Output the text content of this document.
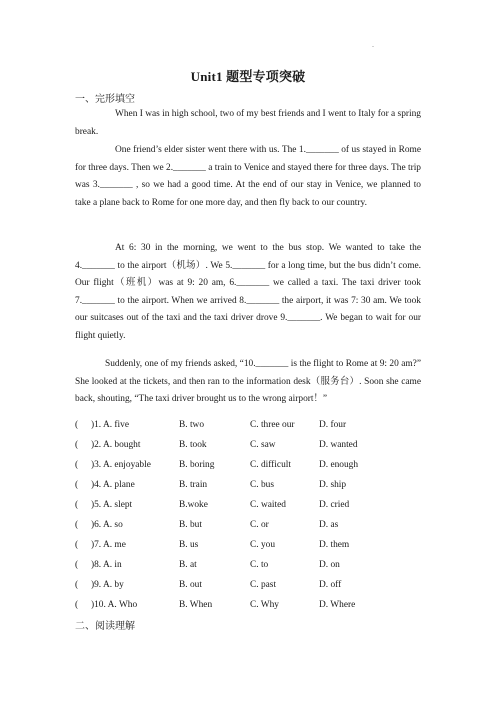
.
Unit1 题型专项突破
一、完形填空
When I was in high school, two of my best friends and I went to Italy for a spring break.
One friend’s elder sister went there with us. The 1._______ of us stayed in Rome for three days. Then we 2._______ a train to Venice and stayed there for three days. The trip was 3._______ , so we had a good time. At the end of our stay in Venice, we planned to take a plane back to Rome for one more day, and then fly back to our country.
At 6: 30 in the morning, we went to the bus stop. We wanted to take the 4._______ to the airport（机场）. We 5._______ for a long time, but the bus didn’t come. Our flight（班机）was at 9: 20 am, 6._______ we called a taxi. The taxi driver took 7._______ to the airport. When we arrived 8._______ the airport, it was 7: 30 am. We took our suitcases out of the taxi and the taxi driver drove 9._______. We began to wait for our flight quietly.
Suddenly, one of my friends asked, “10._______ is the flight to Rome at 9: 20 am?” She looked at the tickets, and then ran to the information desk（服务台）. Soon she came back, shouting, “The taxi driver brought us to the wrong airport！”
( )1. A. five	B. two	C. three our	D. four
( )2. A. bought	B. took	C. saw	D. wanted
( )3. A. enjoyable	B. boring	C. difficult	D. enough
( )4. A. plane	B. train	C. bus	D. ship
( )5. A. slept	B.woke	C. waited	D. cried
( )6. A. so	B. but	C. or	D. as
( )7. A. me	B. us	C. you	D. them
( )8. A. in	B. at	C. to	D. on
( )9. A. by	B. out	C. past	D. off
( )10. A. Who	B. When	C. Why	D. Where
二、阅读理解
